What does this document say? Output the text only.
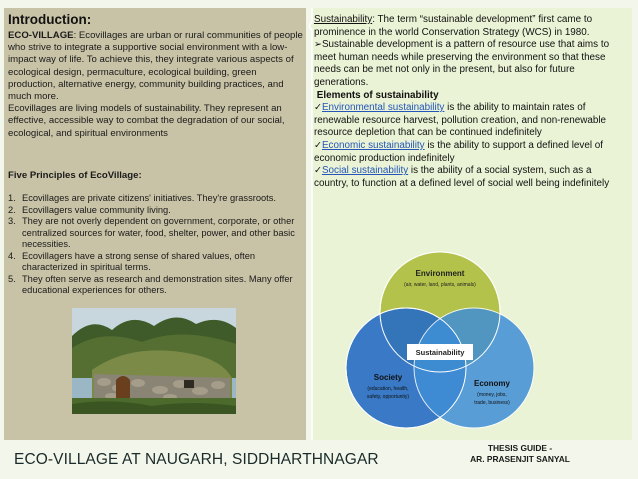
Introduction:

ECO-VILLAGE: Ecovillages are urban or rural communities of people who strive to integrate a supportive social environment with a low-impact way of life. To achieve this, they integrate various aspects of ecological design, permaculture, ecological building, green production, alternative energy, community building practices, and much more.

Ecovillages are living models of sustainability. They represent an effective, accessible way to combat the degradation of our social, ecological, and spiritual environments

Five Principles of EcoVillage:
1. Ecovillages are private citizens' initiatives. They're grassroots.
2. Ecovillagers value community living.
3. They are not overly dependent on government, corporate, or other centralized sources for water, food, shelter, power, and other basic necessities.
4. Ecovillagers have a strong sense of shared values, often characterized in spiritual terms.
5. They often serve as research and demonstration sites. Many offer educational experiences for others.

Sustainability: The term “sustainable development” first came to prominence in the world Conservation Strategy (WCS) in 1980.

➢Sustainable development is a pattern of resource use that aims to meet human needs while preserving the environment so that these needs can be met not only in the present, but also for future generations.

Elements of sustainability

✓Environmental sustainability is the ability to maintain rates of renewable resource harvest, pollution creation, and non-renewable resource depletion that can be continued indefinitely

✓Economic sustainability is the ability to support a defined level of economic production indefinitely

✓Social sustainability is the ability of a social system, such as a country, to function at a defined level of social well being indefinitely

Sustainability
Environment
(air, water, land, plants, animals)
Society
(education, health,
safety, opportunity)
Economy
(money, jobs,
trade, business)
ECO-VILLAGE AT NAUGARH, SIDDHARTHNAGAR
THESIS GUIDE -
AR. PRASENJIT SANYAL
